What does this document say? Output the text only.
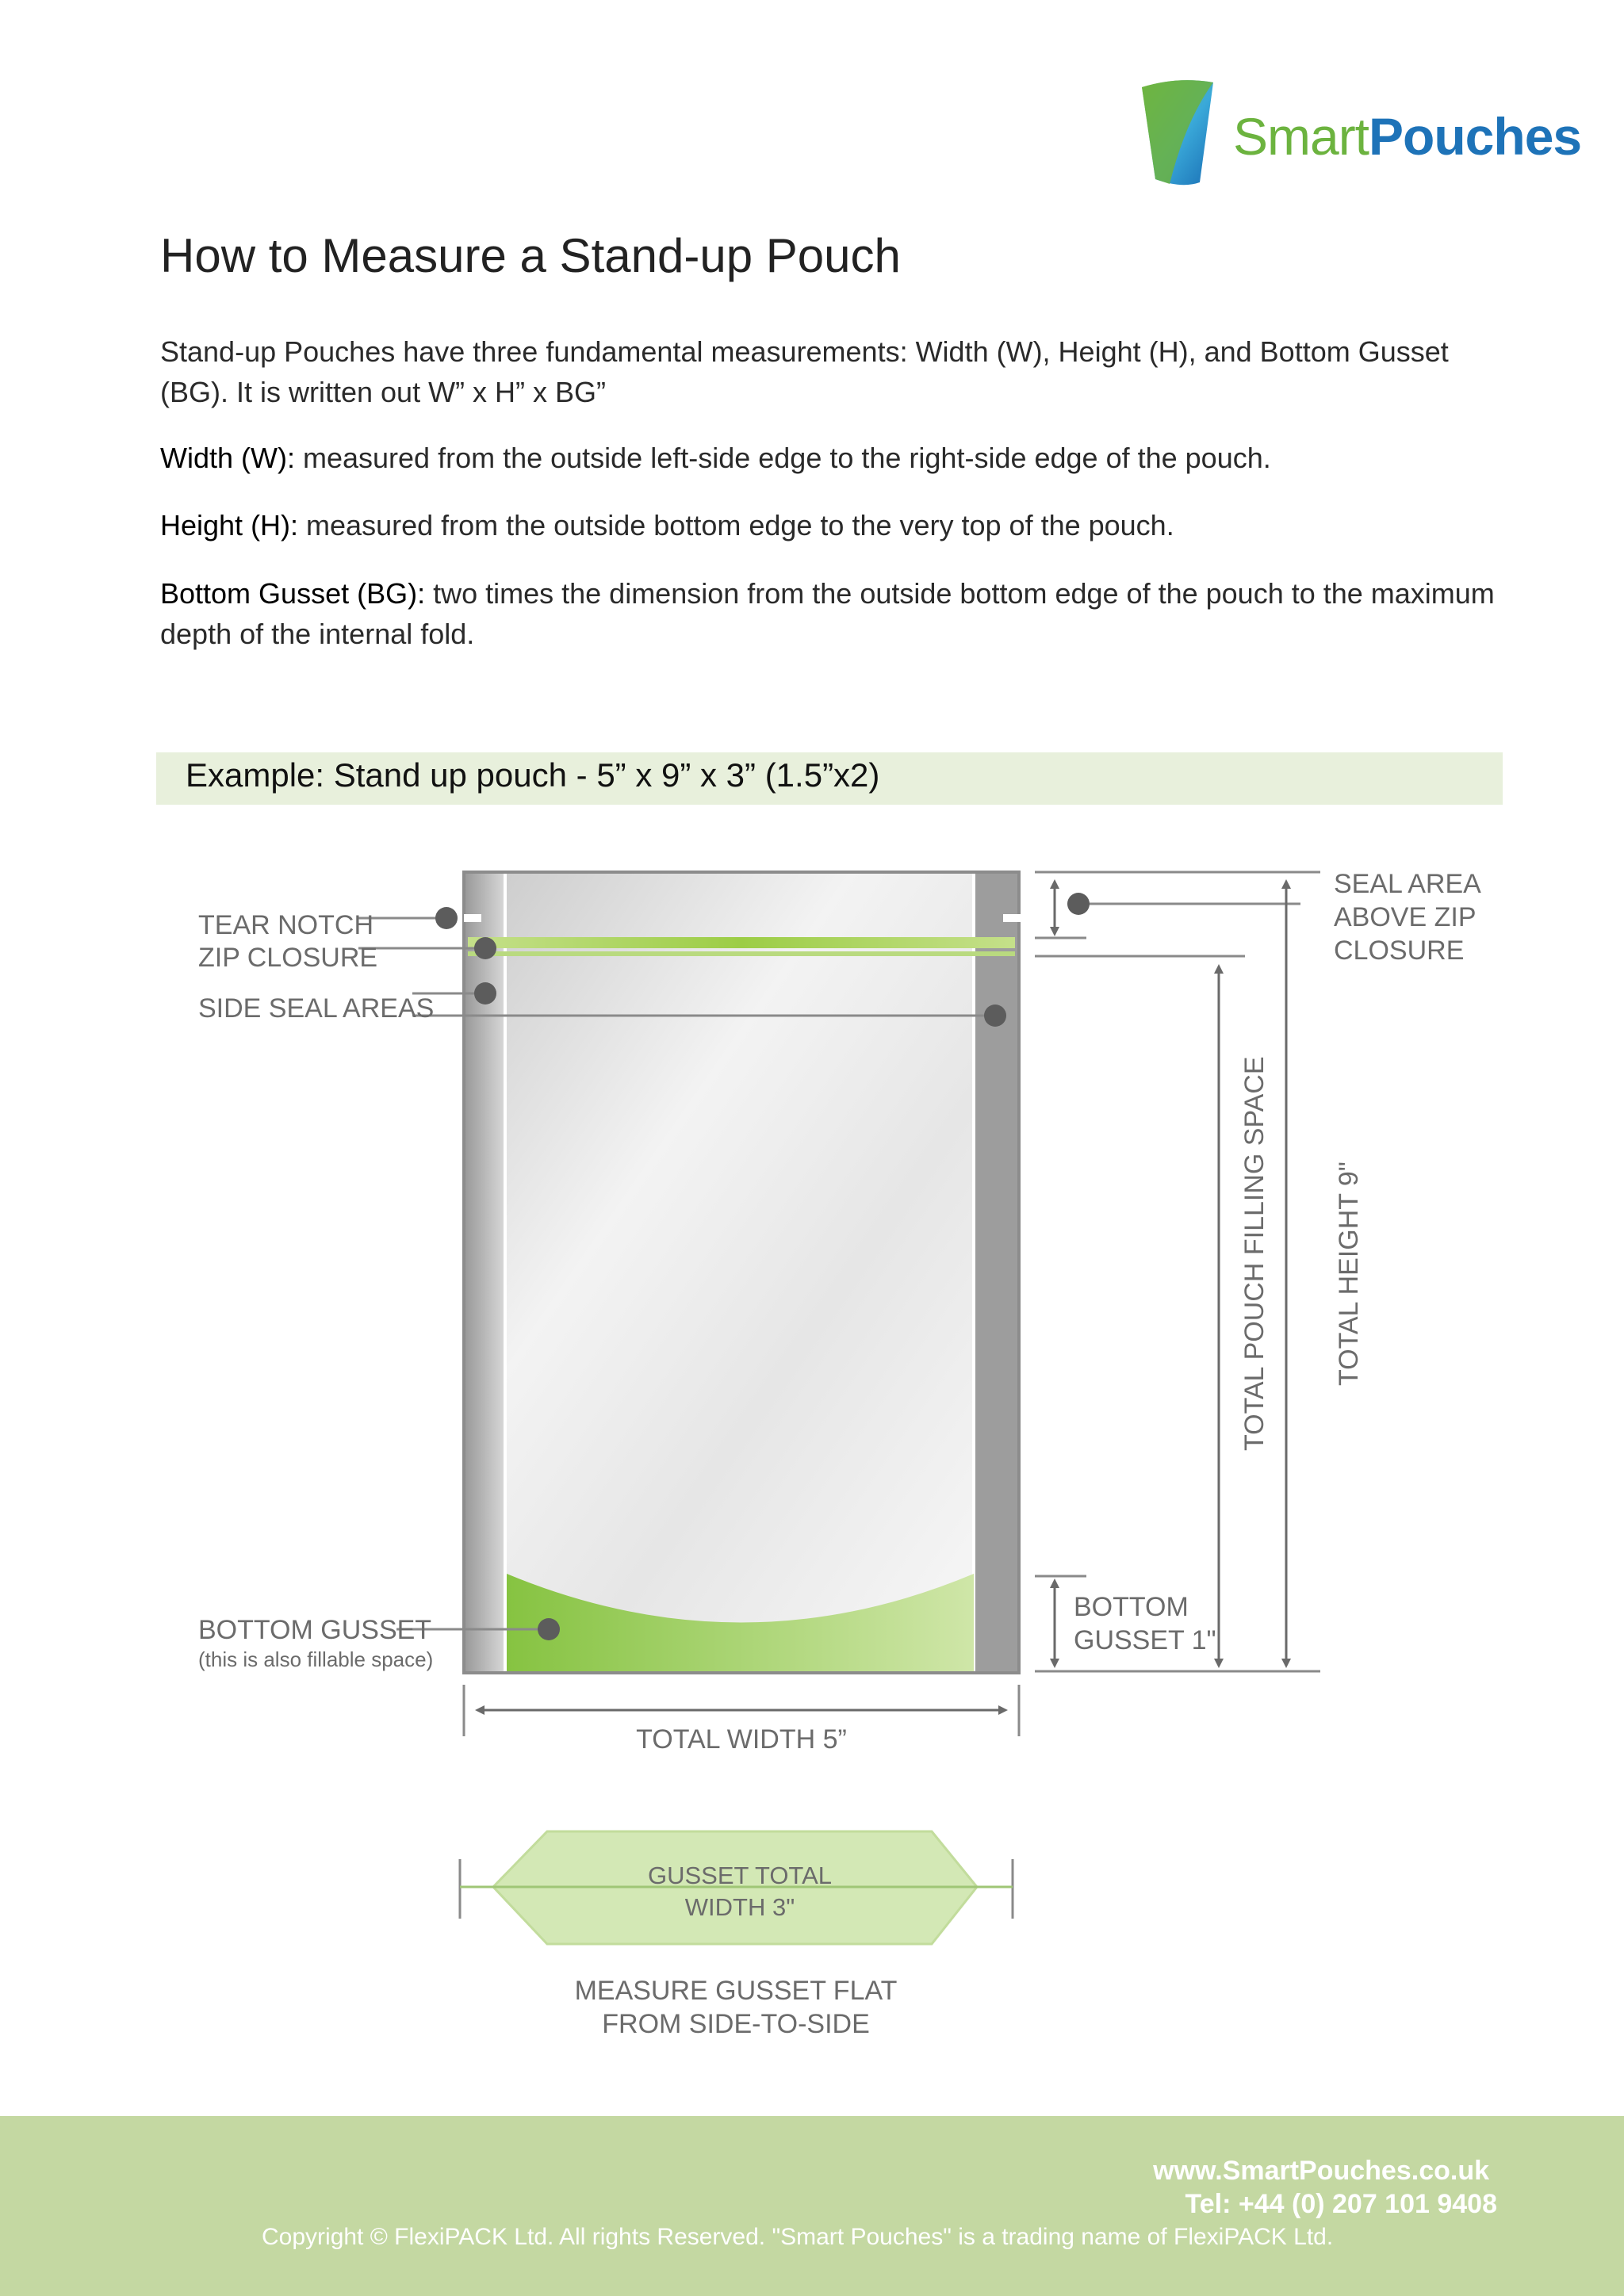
SmartPouches
How to Measure a Stand-up Pouch

Stand-up Pouches have three fundamental measurements: Width (W), Height (H), and Bottom Gusset (BG). It is written out W” x H” x BG”

Width (W): measured from the outside left-side edge to the right-side edge of the pouch.

Height (H): measured from the outside bottom edge to the very top of the pouch.

Bottom Gusset (BG): two times the dimension from the outside bottom edge of the pouch to the maximum depth of the internal fold.

Example: Stand up pouch - 5” x 9” x 3” (1.5”x2)
TEAR NOTCH
ZIP CLOSURE
SIDE SEAL AREAS
SEAL AREA
ABOVE ZIP
CLOSURE
TOTAL POUCH FILLING SPACE TOTAL HEIGHT 9"
BOTTOM
GUSSET 1"
BOTTOM GUSSET
(this is also fillable space)
TOTAL WIDTH 5”
GUSSET TOTAL
WIDTH 3"
MEASURE GUSSET FLAT
FROM SIDE-TO-SIDE
www.SmartPouches.co.uk
Tel: +44 (0) 207 101 9408
Copyright © FlexiPACK Ltd. All rights Reserved. "Smart Pouches" is a trading name of FlexiPACK Ltd.
